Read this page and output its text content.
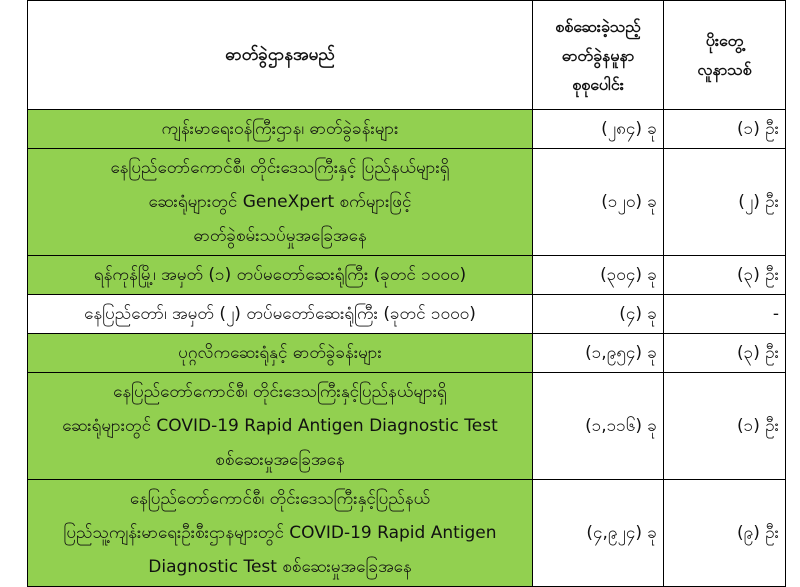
ဓာတ်ခွဲဌာနအမည်	စစ်ဆေးခဲ့သည့်
ဓာတ်ခွဲနမူနာ
စုစုပေါင်း	ပိုးတွေ့
လူနာသစ်

ကျန်းမာရေးဝန်ကြီးဌာန၊ ဓာတ်ခွဲခန်းများ	(၂၈၄) ခု	(၁) ဦး

နေပြည်တော်ကောင်စီ၊ တိုင်းဒေသကြီးနှင့် ပြည်နယ်များရှိ
ဆေးရုံများတွင် GeneXpert စက်များဖြင့်
ဓာတ်ခွဲစမ်းသပ်မှုအခြေအနေ	(၁၂၀) ခု	(၂) ဦး

ရန်ကုန်မြို့၊ အမှတ် (၁) တပ်မတော်ဆေးရုံကြီး (ခုတင် ၁၀၀၀)	(၃၀၄) ခု	(၃) ဦး

နေပြည်တော်၊ အမှတ် (၂) တပ်မတော်ဆေးရုံကြီး (ခုတင် ၁၀၀၀)	(၄) ခု	-

ပုဂ္ဂလိကဆေးရုံနှင့် ဓာတ်ခွဲခန်းများ	(၁,၉၅၄) ခု	(၃) ဦး

နေပြည်တော်ကောင်စီ၊ တိုင်းဒေသကြီးနှင့်ပြည်နယ်များရှိ
ဆေးရုံများတွင် COVID-19 Rapid Antigen Diagnostic Test
စစ်ဆေးမှုအခြေအနေ	(၁,၁၁၆) ခု	(၁) ဦး

နေပြည်တော်ကောင်စီ၊ တိုင်းဒေသကြီးနှင့်ပြည်နယ်
ပြည်သူ့ကျန်းမာရေးဦးစီးဌာနများတွင် COVID-19 Rapid Antigen
Diagnostic Test စစ်ဆေးမှုအခြေအနေ	(၄,၉၂၄) ခု	(၉) ဦး
